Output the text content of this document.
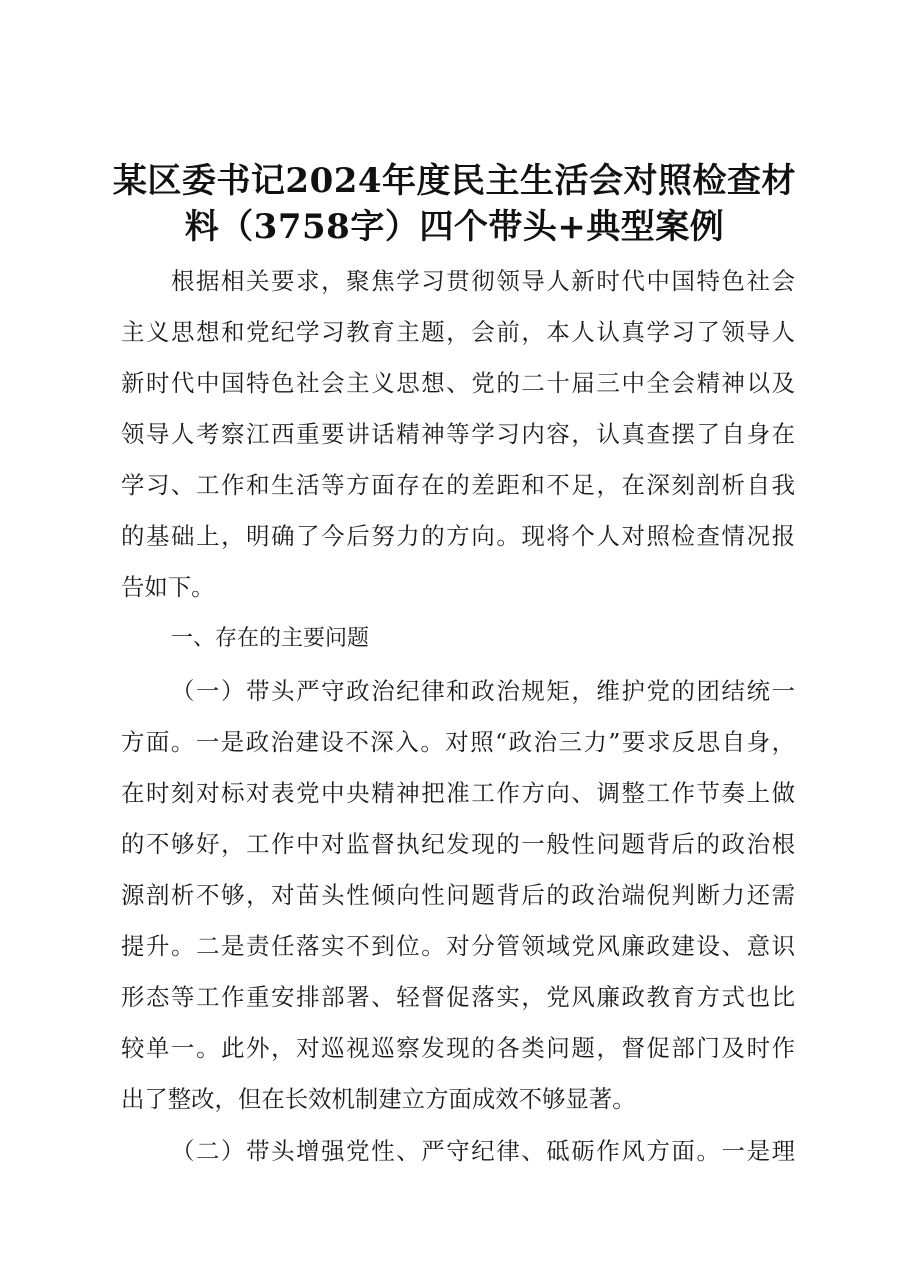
某区委书记2024年度民主生活会对照检查材
料（3758字）四个带头+典型案例
根据相关要求，聚焦学习贯彻领导人新时代中国特色社会
主义思想和党纪学习教育主题，会前，本人认真学习了领导人
新时代中国特色社会主义思想、党的二十届三中全会精神以及
领导人考察江西重要讲话精神等学习内容，认真查摆了自身在
学习、工作和生活等方面存在的差距和不足，在深刻剖析自我
的基础上，明确了今后努力的方向。现将个人对照检查情况报
告如下。
一、存在的主要问题
（一）带头严守政治纪律和政治规矩，维护党的团结统一
方面。一是政治建设不深入。对照“政治三力”要求反思自身，
在时刻对标对表党中央精神把准工作方向、调整工作节奏上做
的不够好，工作中对监督执纪发现的一般性问题背后的政治根
源剖析不够，对苗头性倾向性问题背后的政治端倪判断力还需
提升。二是责任落实不到位。对分管领域党风廉政建设、意识
形态等工作重安排部署、轻督促落实，党风廉政教育方式也比
较单一。此外，对巡视巡察发现的各类问题，督促部门及时作
出了整改，但在长效机制建立方面成效不够显著。
（二）带头增强党性、严守纪律、砥砺作风方面。一是理
